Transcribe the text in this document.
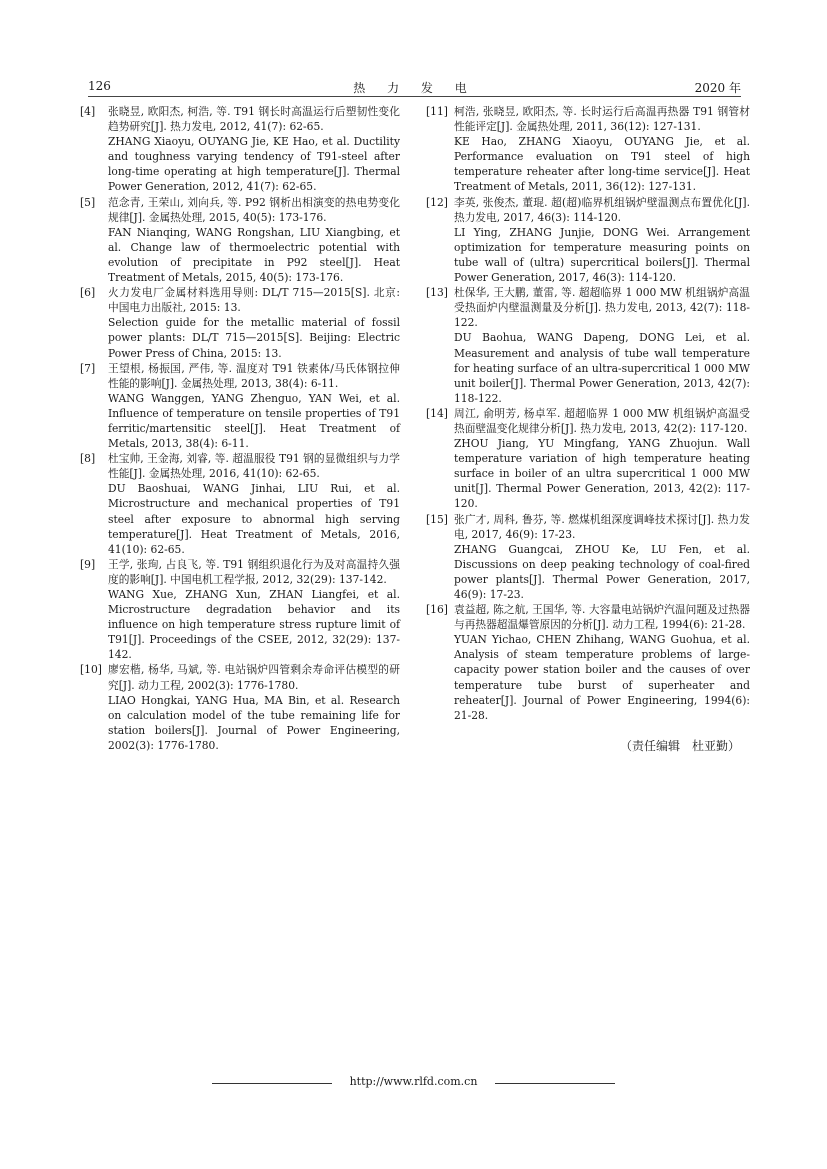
126	热 力 发 电	2020 年
[4]	张晓昱, 欧阳杰, 柯浩, 等. T91 钢长时高温运行后塑韧性变化趋势研究[J]. 热力发电, 2012, 41(7): 62-65.

ZHANG Xiaoyu, OUYANG Jie, KE Hao, et al. Ductility and toughness varying tendency of T91-steel after long-time operating at high temperature[J]. Thermal Power Generation, 2012, 41(7): 62-65.

[5]	范念青, 王荣山, 刘向兵, 等. P92 钢析出相演变的热电势变化规律[J]. 金属热处理, 2015, 40(5): 173-176.

FAN Nianqing, WANG Rongshan, LIU Xiangbing, et al. Change law of thermoelectric potential with evolution of precipitate in P92 steel[J]. Heat Treatment of Metals, 2015, 40(5): 173-176.

[6]	火力发电厂金属材料选用导则: DL/T 715—2015[S]. 北京: 中国电力出版社, 2015: 13.

Selection guide for the metallic material of fossil power plants: DL/T 715—2015[S]. Beijing: Electric Power Press of China, 2015: 13.

[7]	王望根, 杨振国, 严伟, 等. 温度对 T91 铁素体/马氏体钢拉伸性能的影响[J]. 金属热处理, 2013, 38(4): 6-11.

WANG Wanggen, YANG Zhenguo, YAN Wei, et al. Influence of temperature on tensile properties of T91 ferritic/martensitic steel[J]. Heat Treatment of Metals, 2013, 38(4): 6-11.

[8]	杜宝帅, 王金海, 刘睿, 等. 超温服役 T91 钢的显微组织与力学性能[J]. 金属热处理, 2016, 41(10): 62-65.

DU Baoshuai, WANG Jinhai, LIU Rui, et al. Microstructure and mechanical properties of T91 steel after exposure to abnormal high serving temperature[J]. Heat Treatment of Metals, 2016, 41(10): 62-65.

[9]	王学, 张珣, 占良飞, 等. T91 钢组织退化行为及对高温持久强度的影响[J]. 中国电机工程学报, 2012, 32(29): 137-142.

WANG Xue, ZHANG Xun, ZHAN Liangfei, et al. Microstructure degradation behavior and its influence on high temperature stress rupture limit of T91[J]. Proceedings of the CSEE, 2012, 32(29): 137-142.

[10] 廖宏楷, 杨华, 马斌, 等. 电站锅炉四管剩余寿命评估模型的研究[J]. 动力工程, 2002(3): 1776-1780.

LIAO Hongkai, YANG Hua, MA Bin, et al. Research on calculation model of the tube remaining life for station boilers[J]. Journal of Power Engineering, 2002(3): 1776-1780.

[11] 柯浩, 张晓昱, 欧阳杰, 等. 长时运行后高温再热器 T91 钢管材性能评定[J]. 金属热处理, 2011, 36(12): 127-131.

KE Hao, ZHANG Xiaoyu, OUYANG Jie, et al. Performance evaluation on T91 steel of high temperature reheater after long-time service[J]. Heat Treatment of Metals, 2011, 36(12): 127-131.

[12] 李英, 张俊杰, 董琨. 超(超)临界机组锅炉壁温测点布置优化[J]. 热力发电, 2017, 46(3): 114-120.

LI Ying, ZHANG Junjie, DONG Wei. Arrangement optimization for temperature measuring points on tube wall of (ultra) supercritical boilers[J]. Thermal Power Generation, 2017, 46(3): 114-120.

[13] 杜保华, 王大鹏, 董雷, 等. 超超临界 1 000 MW 机组锅炉高温受热面炉内壁温测量及分析[J]. 热力发电, 2013, 42(7): 118-122.

DU Baohua, WANG Dapeng, DONG Lei, et al. Measurement and analysis of tube wall temperature for heating surface of an ultra-supercritical 1 000 MW unit boiler[J]. Thermal Power Generation, 2013, 42(7): 118-122.

[14] 周江, 俞明芳, 杨卓军. 超超临界 1 000 MW 机组锅炉高温受热面壁温变化规律分析[J]. 热力发电, 2013, 42(2): 117-120.

ZHOU Jiang, YU Mingfang, YANG Zhuojun. Wall temperature variation of high temperature heating surface in boiler of an ultra supercritical 1 000 MW unit[J]. Thermal Power Generation, 2013, 42(2): 117-120.

[15] 张广才, 周科, 鲁芬, 等. 燃煤机组深度调峰技术探讨[J]. 热力发电, 2017, 46(9): 17-23.

ZHANG Guangcai, ZHOU Ke, LU Fen, et al. Discussions on deep peaking technology of coal-fired power plants[J]. Thermal Power Generation, 2017, 46(9): 17-23.

[16] 袁益超, 陈之航, 王国华, 等. 大容量电站锅炉汽温问题及过热器与再热器超温爆管原因的分析[J]. 动力工程, 1994(6): 21-28.

YUAN Yichao, CHEN Zhihang, WANG Guohua, et al. Analysis of steam temperature problems of large-capacity power station boiler and the causes of over temperature tube burst of superheater and reheater[J]. Journal of Power Engineering, 1994(6): 21-28.

（责任编辑　杜亚勤）
http://www.rlfd.com.cn
